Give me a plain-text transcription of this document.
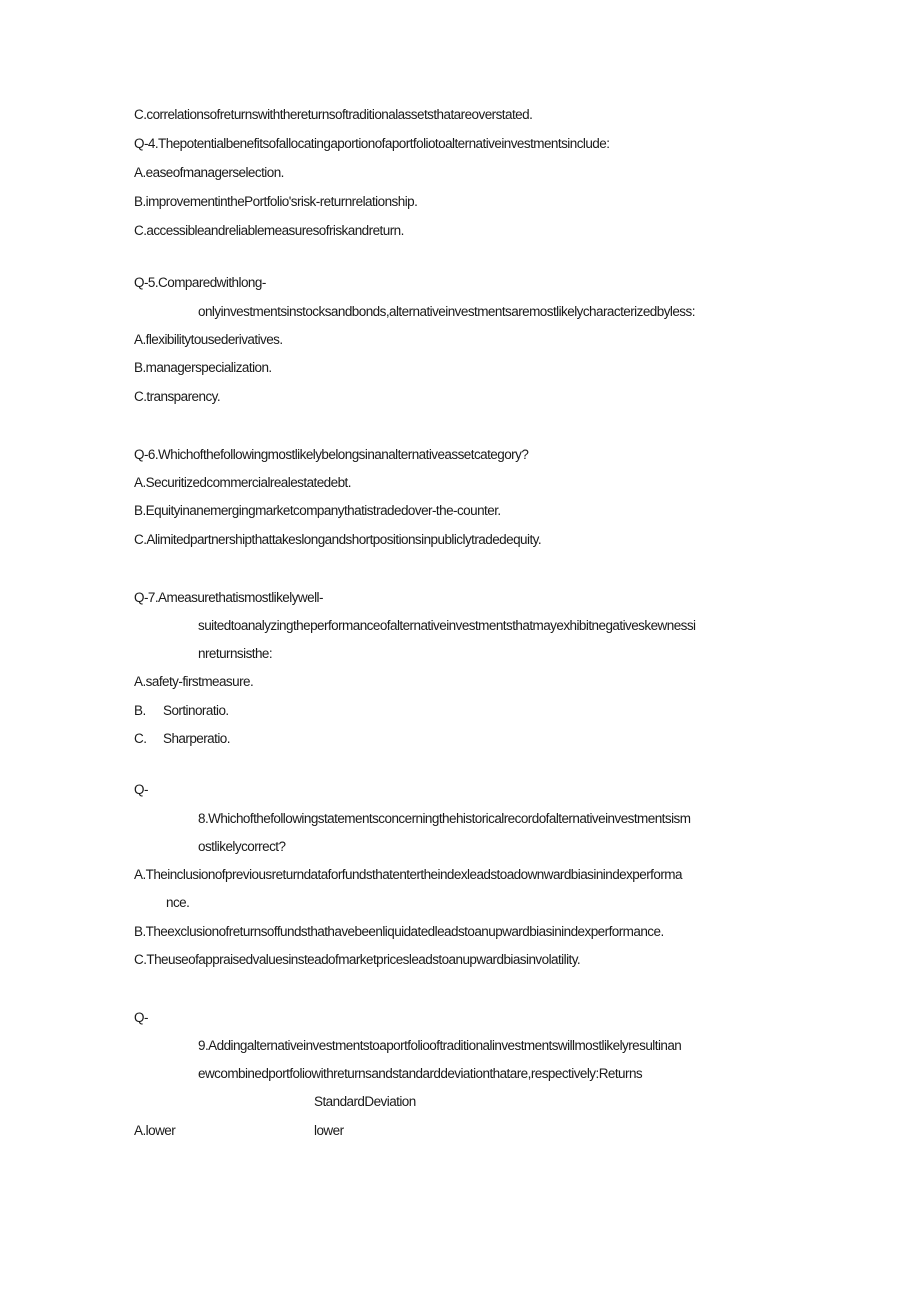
C.correlationsofreturnswiththereturnsoftraditionalassetsthatareoverstated.
Q-4.Thepotentialbenefitsofallocatingaportionofaportfoliotoalternativeinvestmentsinclude:
A.easeofmanagerselection.
B.improvementinthePortfolio'srisk-returnrelationship.
C.accessibleandreliablemeasuresofriskandreturn.
Q-5.Comparedwithlong-
onlyinvestmentsinstocksandbonds,alternativeinvestmentsaremostlikelycharacterizedbyless:
A.flexibilitytousederivatives.
B.managerspecialization.
C.transparency.
Q-6.Whichofthefollowingmostlikelybelongsinanalternativeassetcategory?
A.Securitizedcommercialrealestatedebt.
B.Equityinanemergingmarketcompanythatistradedover-the-counter.
C.Alimitedpartnershipthattakeslongandshortpositionsinpubliclytradedequity.
Q-7.Ameasurethatismostlikelywell-
suitedtoanalyzingtheperformanceofalternativeinvestmentsthatmayexhibitnegativeskewnessi
nreturnsisthe:
A.safety-firstmeasure.
B. Sortinoratio.
C. Sharperatio.
Q-
8.Whichofthefollowingstatementsconcerningthehistoricalrecordofalternativeinvestmentsism
ostlikelycorrect?
A.Theinclusionofpreviousreturndataforfundsthatentertheindexleadstoadownwardbiasinindexperforma
nce.
B.Theexclusionofreturnsoffundsthathavebeenliquidatedleadstoanupwardbiasinindexperformance.
C.Theuseofappraisedvaluesinsteadofmarketpricesleadstoanupwardbiasinvolatility.
Q-
9.Addingalternativeinvestmentstoaportfoliooftraditionalinvestmentswillmostlikelyresultinan
ewcombinedportfoliowithreturnsandstandarddeviationthatare,respectively:Returns
StandardDeviation
A.lower	lower
